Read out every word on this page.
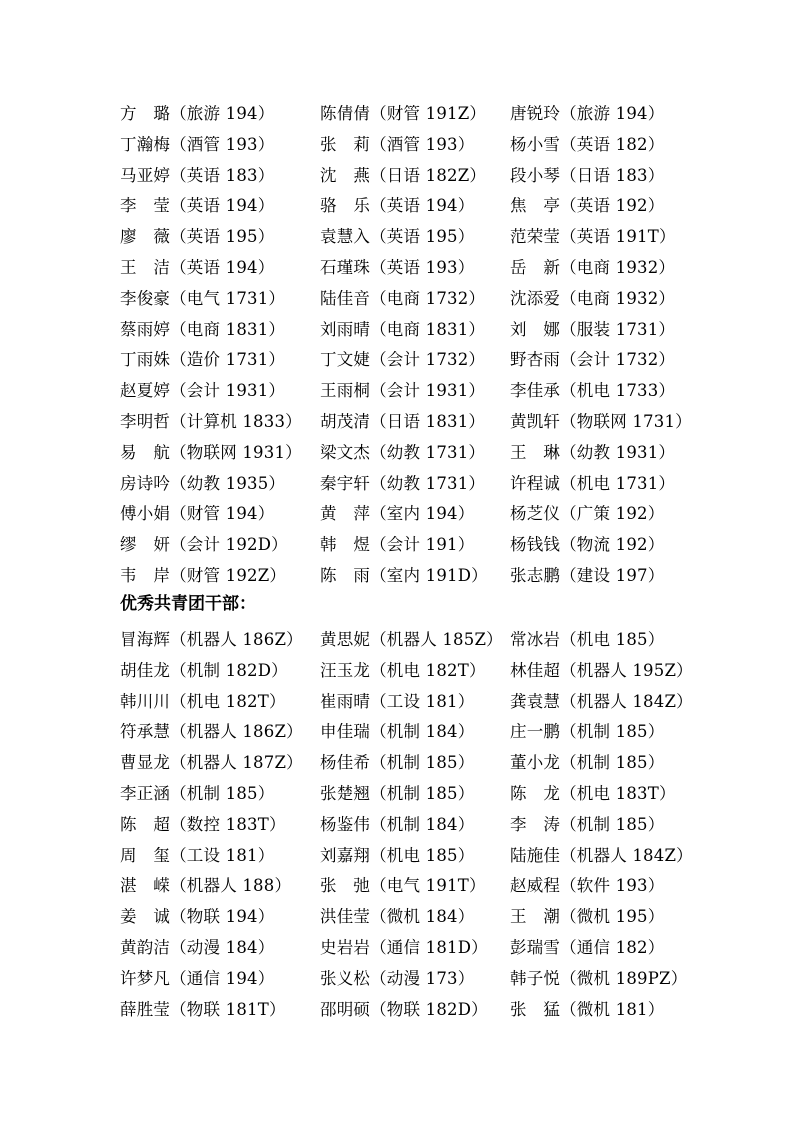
方　璐（旅游 194）	陈倩倩（财管 191Z） 唐锐玲（旅游 194）
丁瀚梅（酒管 193）	张　莉（酒管 193） 杨小雪（英语 182）
马亚婷（英语 183）	沈　燕（日语 182Z） 段小琴（日语 183）
李　莹（英语 194）	骆　乐（英语 194） 焦　亭（英语 192）
廖　薇（英语 195）	袁慧入（英语 195） 范荣莹（英语 191T）
王　洁（英语 194）	石瑾珠（英语 193） 岳　新（电商 1932）
李俊豪（电气 1731） 陆佳音（电商 1732） 沈添爱（电商 1932）
蔡雨婷（电商 1831） 刘雨晴（电商 1831） 刘　娜（服装 1731）
丁雨姝（造价 1731） 丁文婕（会计 1732） 野杏雨（会计 1732）
赵夏婷（会计 1931） 王雨桐（会计 1931） 李佳承（机电 1733）
李明哲（计算机 1833） 胡茂清（日语 1831） 黄凯轩（物联网 1731）
易　航（物联网 1931） 梁文杰（幼教 1731） 王　琳（幼教 1931）
房诗吟（幼教 1935） 秦宇轩（幼教 1731） 许程诚（机电 1731）
傅小娟（财管 194）	黄　萍（室内 194） 杨芝仪（广策 192）
缪　妍（会计 192D） 韩　煜（会计 191） 杨钱钱（物流 192）
韦　岸（财管 192Z） 陈　雨（室内 191D） 张志鹏（建设 197）
优秀共青团干部：
冒海辉（机器人 186Z） 黄思妮（机器人 185Z） 常冰岩（机电 185）
胡佳龙（机制 182D） 汪玉龙（机电 182T） 林佳超（机器人 195Z）
韩川川（机电 182T） 崔雨晴（工设 181） 龚袁慧（机器人 184Z）
符承慧（机器人 186Z） 申佳瑞（机制 184） 庄一鹏（机制 185）
曹显龙（机器人 187Z） 杨佳希（机制 185） 董小龙（机制 185）
李正涵（机制 185）	张楚翘（机制 185） 陈　龙（机电 183T）
陈　超（数控 183T） 杨鉴伟（机制 184） 李　涛（机制 185）
周　玺（工设 181）	刘嘉翔（机电 185） 陆施佳（机器人 184Z）
湛　嵘（机器人 188） 张　弛（电气 191T） 赵威程（软件 193）
姜　诚（物联 194）	洪佳莹（微机 184） 王　潮（微机 195）
黄韵洁（动漫 184）	史岩岩（通信 181D） 彭瑞雪（通信 182）
许梦凡（通信 194）	张义松（动漫 173） 韩子悦（微机 189PZ）
薛胜莹（物联 181T） 邵明硕（物联 182D） 张　猛（微机 181）
